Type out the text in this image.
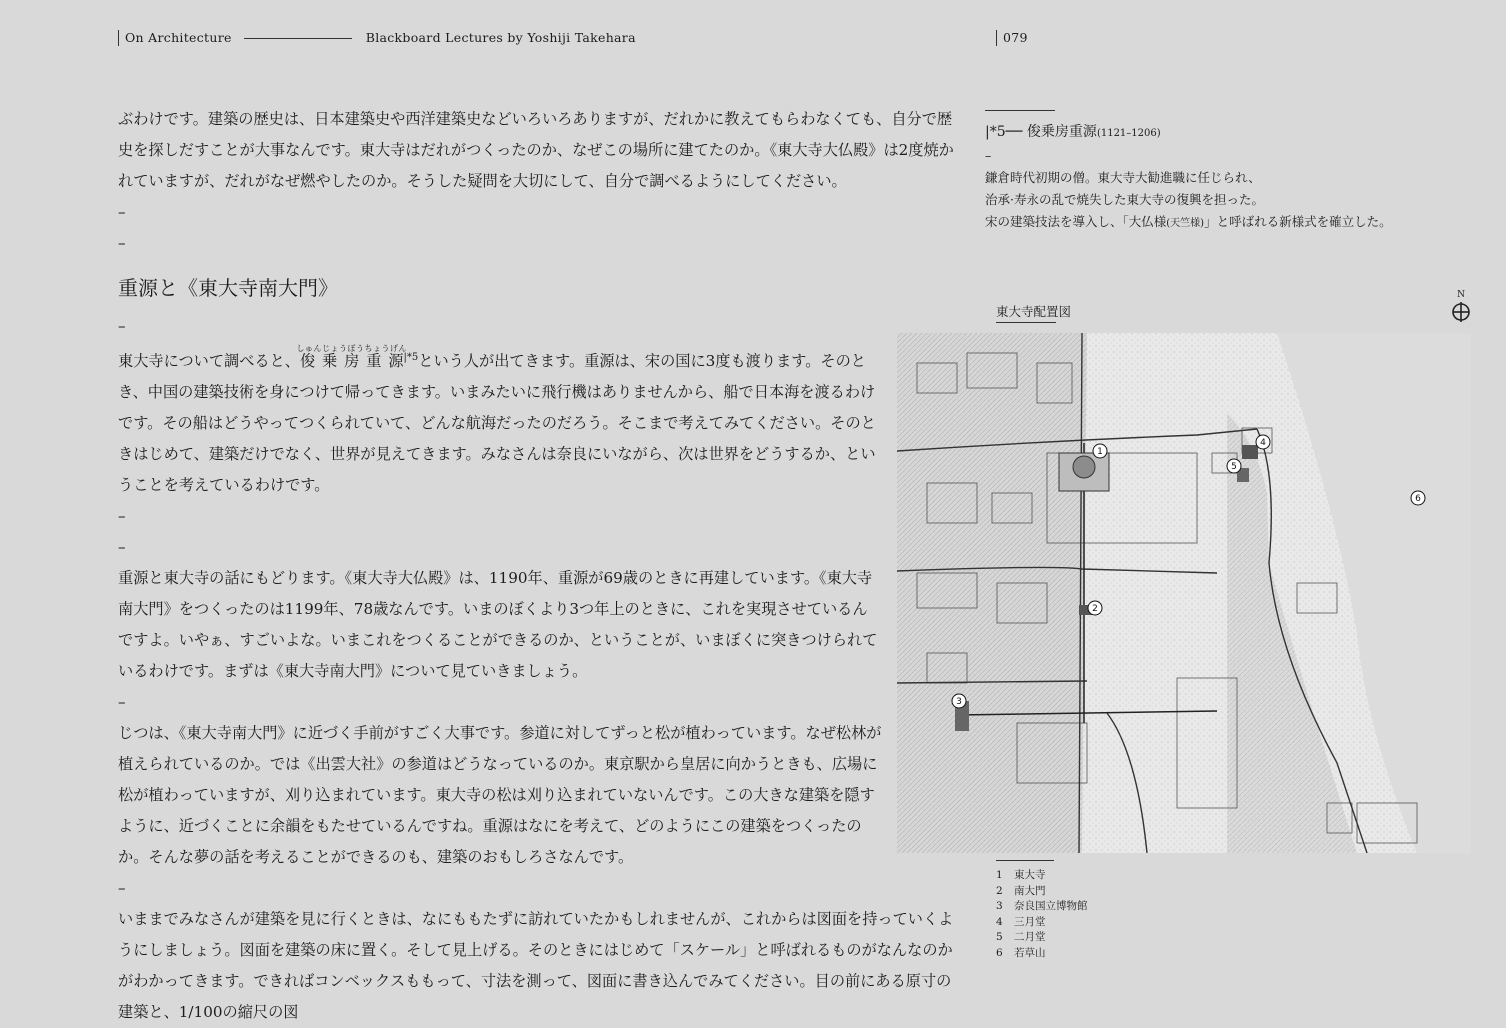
On Architecture	Blackboard Lectures by Yoshiji Takehara	079

ぶわけです。建築の歴史は、日本建築史や西洋建築史などいろいろありますが、だれかに教えてもらわなくても、自分で歴史を探しだすことが大事なんです。東大寺はだれがつくったのか、なぜこの場所に建てたのか。《東大寺大仏殿》は2度焼かれていますが、だれがなぜ燃やしたのか。そうした疑問を大切にして、自分で調べるようにしてください。

–
–
重源と《東大寺南大門》
–

東大寺について調べると、俊乗房重源しゅんじょうぼうちょうげん$^{|*5}$という人が出てきます。重源は、宋の国に3度も渡ります。そのとき、中国の建築技術を身につけて帰ってきます。いまみたいに飛行機はありませんから、船で日本海を渡るわけです。その船はどうやってつくられていて、どんな航海だったのだろう。そこまで考えてみてください。そのときはじめて、建築だけでなく、世界が見えてきます。みなさんは奈良にいながら、次は世界をどうするか、ということを考えているわけです。

–
–

重源と東大寺の話にもどります。《東大寺大仏殿》は、1190年、重源が69歳のときに再建しています。《東大寺南大門》をつくったのは1199年、78歳なんです。いまのぼくより3つ年上のときに、これを実現させているんですよ。いやぁ、すごいよな。いまこれをつくることができるのか、ということが、いまぼくに突きつけられているわけです。まずは《東大寺南大門》について見ていきましょう。

–

じつは、《東大寺南大門》に近づく手前がすごく大事です。参道に対してずっと松が植わっています。なぜ松林が植えられているのか。では《出雲大社》の参道はどうなっているのか。東京駅から皇居に向かうときも、広場に松が植わっていますが、刈り込まれています。東大寺の松は刈り込まれていないんです。この大きな建築を隠すように、近づくことに余韻をもたせているんですね。重源はなにを考えて、どのようにこの建築をつくったのか。そんな夢の話を考えることができるのも、建築のおもしろさなんです。

–

いままでみなさんが建築を見に行くときは、なにももたずに訪れていたかもしれませんが、これからは図面を持っていくようにしましょう。図面を建築の床に置く。そして見上げる。そのときにはじめて「スケール」と呼ばれるものがなんなのかがわかってきます。できればコンベックスももって、寸法を測って、図面に書き込んでみてください。目の前にある原寸の建築と、1/100の縮尺の図

|*5── 俊乗房重源(1121–1206)
–
鎌倉時代初期の僧。東大寺大勧進職に任じられ、
治承·寿永の乱で焼失した東大寺の復興を担った。
宋の建築技法を導入し、「大仏様(天竺様)」と呼ばれる新様式を確立した。
東大寺配置図
N
1
2
3
4
5
6
1	東大寺
2	南大門
3	奈良国立博物館
4	三月堂
5	二月堂
6	若草山
